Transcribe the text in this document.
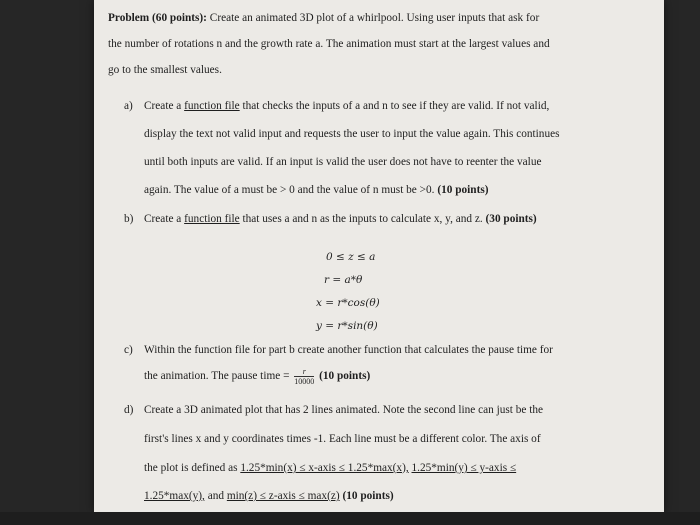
Problem (60 points): Create an animated 3D plot of a whirlpool. Using user inputs that ask for
the number of rotations n and the growth rate a. The animation must start at the largest values and
go to the smallest values.
a) Create a function file that checks the inputs of a and n to see if they are valid. If not valid,
display the text not valid input and requests the user to input the value again. This continues
until both inputs are valid. If an input is valid the user does not have to reenter the value
again. The value of a must be > 0 and the value of n must be >0. (10 points)
b) Create a function file that uses a and n as the inputs to calculate x, y, and z. (30 points)
0 ≤ z ≤ a
r = a*θ
x = r*cos(θ)
y = r*sin(θ)
c) Within the function file for part b create another function that calculates the pause time for
the animation. The pause time = $\frac{r}{10000} (10$ points)
d) Create a 3D animated plot that has 2 lines animated. Note the second line can just be the
first's lines x and y coordinates times -1. Each line must be a different color. The axis of
the plot is defined as 1.25*min(x) ≤ x-axis ≤ 1.25*max(x), 1.25*min(y) ≤ y-axis ≤
1.25*max(y), and min(z) ≤ z-axis ≤ max(z) (10 points)
